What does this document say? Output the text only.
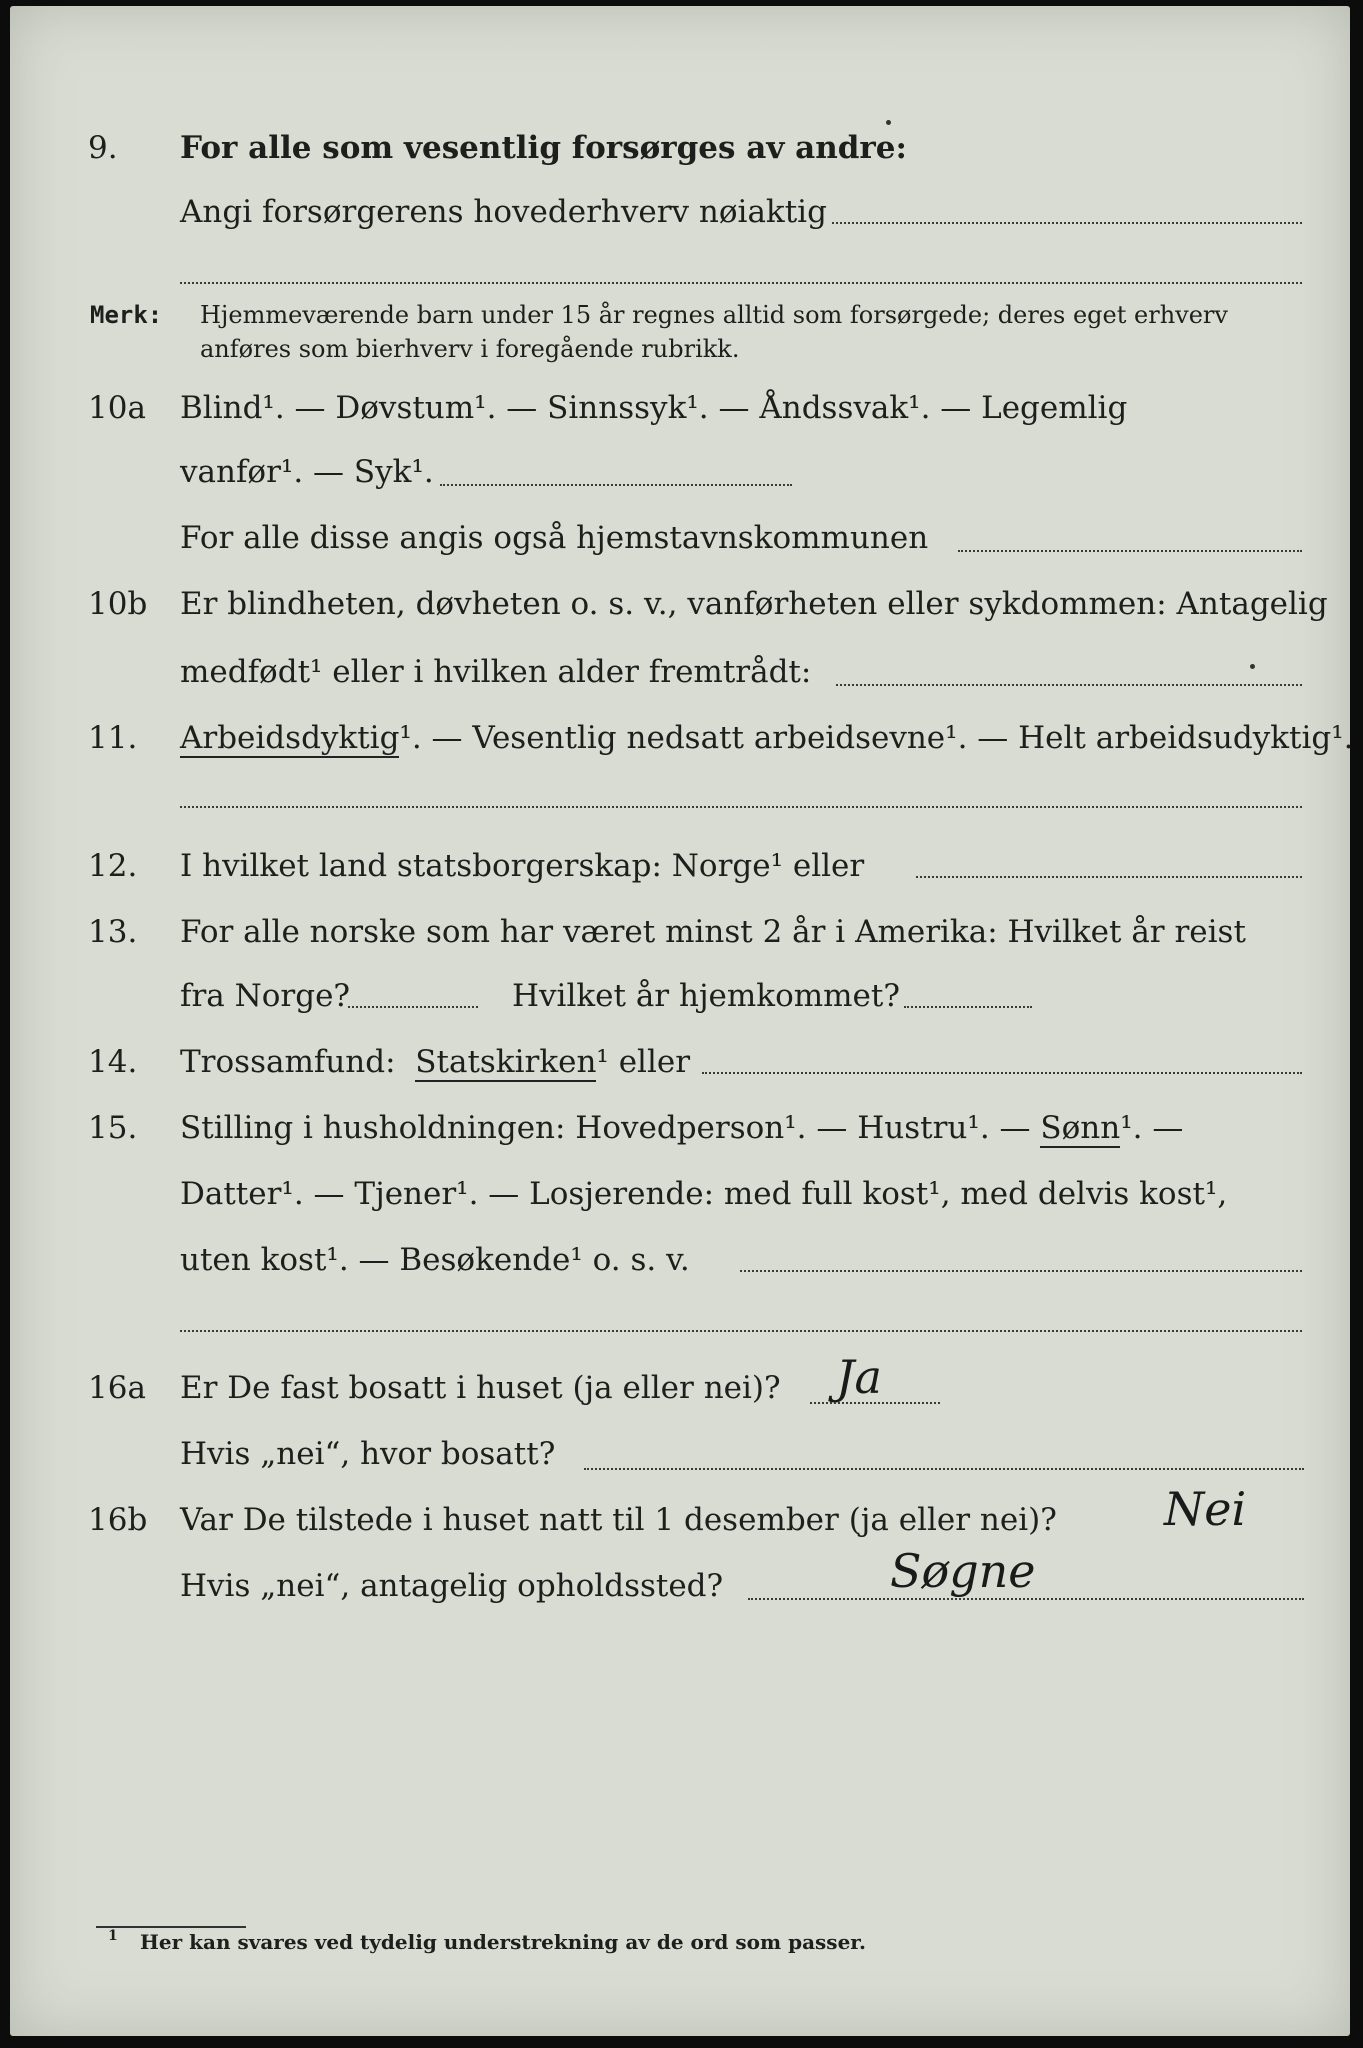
9. For alle som vesentlig forsørges av andre:
Angi forsørgerens hovederhverv nøiaktig
Merk: Hjemmeværende barn under 15 år regnes alltid som forsørgede; deres eget erhverv
anføres som bierhverv i foregående rubrikk.
10a Blind¹. — Døvstum¹. — Sinnssyk¹. — Åndssvak¹. — Legemlig
vanfør¹. — Syk¹.
For alle disse angis også hjemstavnskommunen
10b Er blindheten, døvheten o. s. v., vanførheten eller sykdommen: Antagelig
medfødt¹ eller i hvilken alder fremtrådt:
11. Arbeidsdyktig¹. — Vesentlig nedsatt arbeidsevne¹. — Helt arbeidsudyktig¹.
12. I hvilket land statsborgerskap: Norge¹ eller
13. For alle norske som har været minst 2 år i Amerika: Hvilket år reist
fra Norge?	Hvilket år hjemkommet?
14. Trossamfund: Statskirken¹ eller
15. Stilling i husholdningen: Hovedperson¹. — Hustru¹. — Sønn¹. —
Datter¹. — Tjener¹. — Losjerende: med full kost¹, med delvis kost¹,
uten kost¹. — Besøkende¹ o. s. v.
16a Er De fast bosatt i huset (ja eller nei)? Ja
Hvis „nei“, hvor bosatt?
16b Var De tilstede i huset natt til 1 desember (ja eller nei)? Nei
Hvis „nei“, antagelig opholdssted?	Søgne
1 Her kan svares ved tydelig understrekning av de ord som passer.
